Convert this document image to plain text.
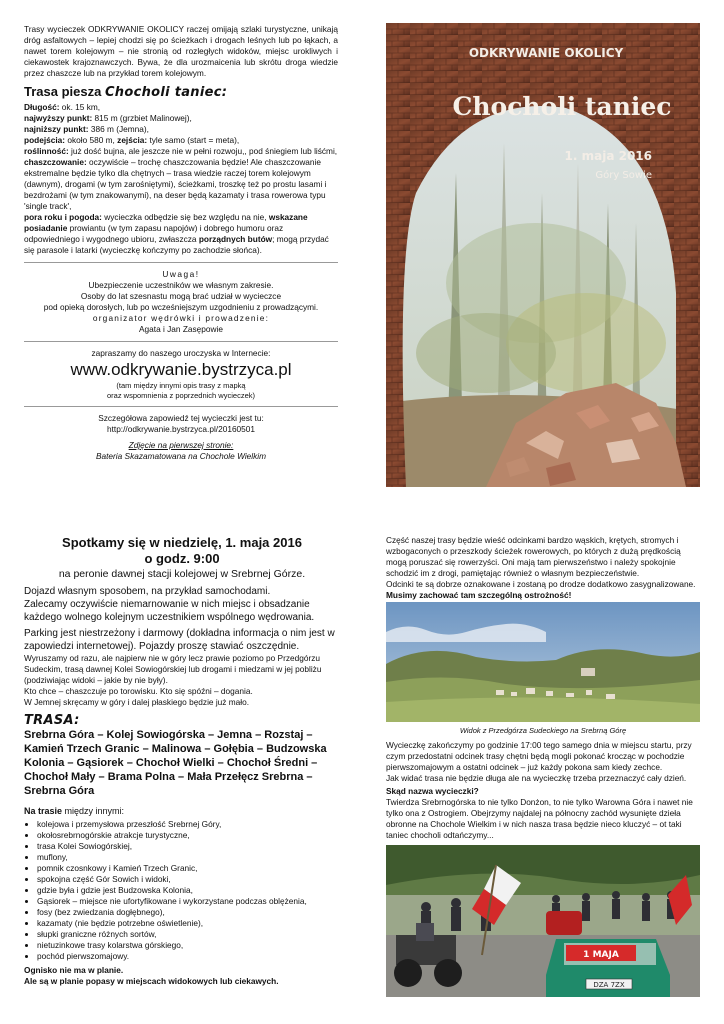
Trasy wycieczek ODKRYWANIE OKOLICY raczej omijają szlaki turystyczne, unikają dróg asfaltowych – lepiej chodzi się po ścieżkach i drogach leśnych lub po łąkach, a nawet torem kolejowym – nie stronią od rozległych widoków, miejsc urokliwych i ciekawostek krajoznawczych. Bywa, że dla urozmaicenia lub skrótu droga wiedzie przez chaszcze lub na przykład torem kolejowym.

Trasa piesza Chocholi taniec:

Długość: ok. 15 km,

najwyższy punkt: 815 m (grzbiet Malinowej),

najniższy punkt: 386 m (Jemna),

podejścia: około 580 m, zejścia: tyle samo (start = meta),

roślinność: już dość bujna, ale jeszcze nie w pełni rozwoju,, pod śniegiem lub liśćmi,

chaszczowanie: oczywiście – trochę chaszczowania będzie! Ale chaszczowanie ekstremalne będzie tylko dla chętnych – trasa wiedzie raczej torem kolejowym (dawnym), drogami (w tym zarośniętymi), ścieżkami, troszkę też po prostu lasami i bezdrożami (w tym znakowanymi), na deser będą kazamaty i trasa rowerowa typu 'single track',

pora roku i pogoda: wycieczka odbędzie się bez względu na nie, wskazane posiadanie prowiantu (w tym zapasu napojów) i dobrego humoru oraz odpowiedniego i wygodnego ubioru, zwłaszcza porządnych butów; mogą przydać się parasole i latarki (wycieczkę kończymy po zachodzie słońca).

Uwaga!

Ubezpieczenie uczestników we własnym zakresie.

Osoby do lat szesnastu mogą brać udział w wycieczce

pod opieką dorosłych, lub po wcześniejszym uzgodnieniu z prowadzącymi.

organizator wędrówki i prowadzenie:

Agata i Jan Zasępowie

zapraszamy do naszego uroczyska w Internecie:

www.odkrywanie.bystrzyca.pl

(tam między innymi opis trasy z mapką

oraz wspomnienia z poprzednich wycieczek)

Szczegółowa zapowiedź tej wycieczki jest tu: http://odkrywanie.bystrzyca.pl/20160501

Zdjęcie na pierwszej stronie:

Bateria Skazamatowana na Chochole Wielkim

ODKRYWANIE OKOLICY
Chocholi taniec
1. maja 2016
Góry Sowie

Spotkamy się w niedzielę, 1. maja 2016

o godz. 9:00

na peronie dawnej stacji kolejowej w Srebrnej Górze.

Dojazd własnym sposobem, na przykład samochodami.

Zalecamy oczywiście niemarnowanie w nich miejsc i obsadzanie każdego wolnego kolejnym uczestnikiem wspólnego wędrowania.

Parking jest niestrzeżony i darmowy (dokładna informacja o nim jest w zapowiedzi internetowej). Pojazdy proszę stawiać oszczędnie.

Wyruszamy od razu, ale najpierw nie w góry lecz prawie poziomo po Przedgórzu Sudeckim, trasą dawnej Kolei Sowiogórskiej lub drogami i miedzami w jej pobliżu (podziwiając widoki – jakie by nie były).

Kto chce – chaszczuje po torowisku. Kto się spóźni – dogania.

W Jemnej skręcamy w góry i dalej płaskiego będzie już mało.

TRASA:

Srebrna Góra – Kolej Sowiogórska – Jemna – Rozstaj – Kamień Trzech Granic – Malinowa – Gołębia – Budzowska Kolonia – Gąsiorek – Chochoł Wielki – Chochoł Średni – Chochoł Mały – Brama Polna – Mała Przełęcz Srebrna – Srebrna Góra

Na trasie między innymi:

• kolejowa i przemysłowa przeszłość Srebrnej Góry,
• okołosrebrnogórskie atrakcje turystyczne,
• trasa Kolei Sowiogórskiej,
• muflony,
• pomnik czosnkowy i Kamień Trzech Granic,
• spokojna część Gór Sowich i widoki,
• gdzie była i gdzie jest Budzowska Kolonia,
• Gąsiorek – miejsce nie ufortyfikowane i wykorzystane podczas oblężenia,
• fosy (bez zwiedzania dogłębnego),
• kazamaty (nie będzie potrzebne oświetlenie),
• słupki graniczne różnych sortów,
• nietuzinkowe trasy kolarstwa górskiego,
• pochód pierwszomajowy.

Ognisko nie ma w planie.

Ale są w planie popasy w miejscach widokowych lub ciekawych.

Część naszej trasy będzie wieść odcinkami bardzo wąskich, krętych, stromych i wzbogaconych o przeszkody ścieżek rowerowych, po których z dużą prędkością mogą poruszać się rowerzyści. Oni mają tam pierwszeństwo i należy spokojnie schodzić im z drogi, pamiętając również o własnym bezpieczeństwie.

Odcinki te są dobrze oznakowane i zostaną po drodze dodatkowo zasygnalizowane.

Musimy zachować tam szczególną ostrożność!

Widok z Przedgórza Sudeckiego na Srebrną Górę

Wycieczkę zakończymy po godzinie 17:00 tego samego dnia w miejscu startu, przy czym przedostatni odcinek trasy chętni będą mogli pokonać krocząc w pochodzie pierwszomajowym a ostatni odcinek – już każdy pokona sam kiedy zechce.

Jak widać trasa nie będzie długa ale na wycieczkę trzeba przeznaczyć cały dzień.

Skąd nazwa wycieczki?

Twierdza Srebrnogórska to nie tylko Donżon, to nie tylko Warowna Góra i nawet nie tylko ona z Ostrogiem. Obejrzymy najdalej na północny zachód wysunięte dzieła obronne na Chochole Wielkim i w nich nasza trasa będzie nieco kluczyć – ot taki taniec chocholi odtańczymy...

1 MAJA
DZA 7ZX
